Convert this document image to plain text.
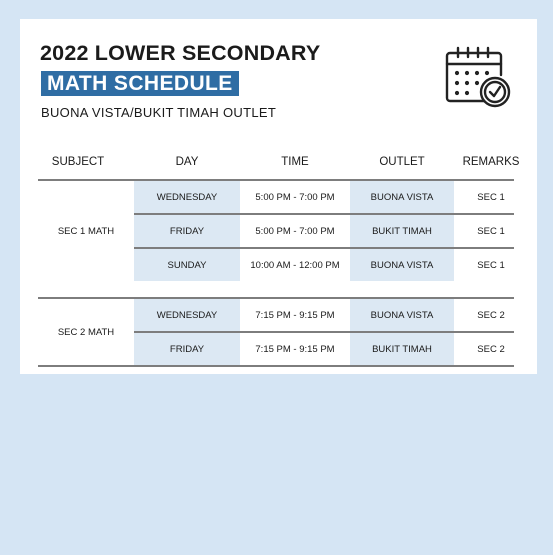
2022 LOWER SECONDARY
MATH SCHEDULE
BUONA VISTA/BUKIT TIMAH OUTLET
SUBJECT	DAY	TIME	OUTLET	REMARKS
SEC 1 MATH
WEDNESDAY	5:00 PM - 7:00 PM	BUONA VISTA	SEC 1
FRIDAY	5:00 PM - 7:00 PM	BUKIT TIMAH	SEC 1
SUNDAY	10:00 AM - 12:00 PM	BUONA VISTA	SEC 1
SEC 2 MATH
WEDNESDAY	7:15 PM - 9:15 PM	BUONA VISTA	SEC 2
FRIDAY	7:15 PM - 9:15 PM	BUKIT TIMAH	SEC 2
